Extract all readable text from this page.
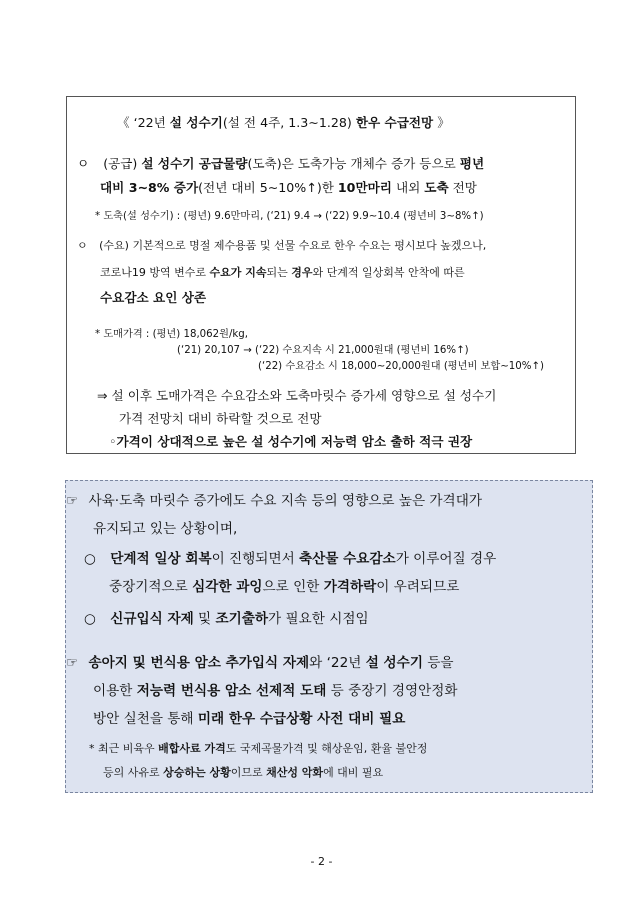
《 ‘22년 설 성수기(설 전 4주, 1.3∼1.28) 한우 수급전망 》
ㅇ (공급) 설 성수기 공급물량(도축)은 도축가능 개체수 증가 등으로 평년
대비 3∼8% 증가(전년 대비 5∼10%↑)한 10만마리 내외 도축 전망
* 도축(설 성수기) : (평년) 9.6만마리, (‘21) 9.4 → (‘22) 9.9∼10.4 (평년비 3∼8%↑)
ㅇ (수요) 기본적으로 명절 제수용품 및 선물 수요로 한우 수요는 평시보다 높겠으나,
코로나19 방역 변수로 수요가 지속되는 경우와 단계적 일상회복 안착에 따른
수요감소 요인 상존
* 도매가격 : (평년) 18,062원/kg,
(‘21) 20,107 → (‘22) 수요지속 시 21,000원대 (평년비 16%↑)
(‘22) 수요감소 시 18,000∼20,000원대 (평년비 보합∼10%↑)
⇒ 설 이후 도매가격은 수요감소와 도축마릿수 증가세 영향으로 설 성수기
가격 전망치 대비 하락할 것으로 전망
◦가격이 상대적으로 높은 설 성수기에 저능력 암소 출하 적극 권장
☞ 사육·도축 마릿수 증가에도 수요 지속 등의 영향으로 높은 가격대가
유지되고 있는 상황이며,
○ 단계적 일상 회복이 진행되면서 축산물 수요감소가 이루어질 경우
중장기적으로 심각한 과잉으로 인한 가격하락이 우려되므로
○ 신규입식 자제 및 조기출하가 필요한 시점임
☞ 송아지 및 번식용 암소 추가입식 자제와 ‘22년 설 성수기 등을
이용한 저능력 번식용 암소 선제적 도태 등 중장기 경영안정화
방안 실천을 통해 미래 한우 수급상황 사전 대비 필요
* 최근 비육우 배합사료 가격도 국제곡물가격 및 해상운임, 환율 불안정
등의 사유로 상승하는 상황이므로 채산성 악화에 대비 필요
- 2 -
